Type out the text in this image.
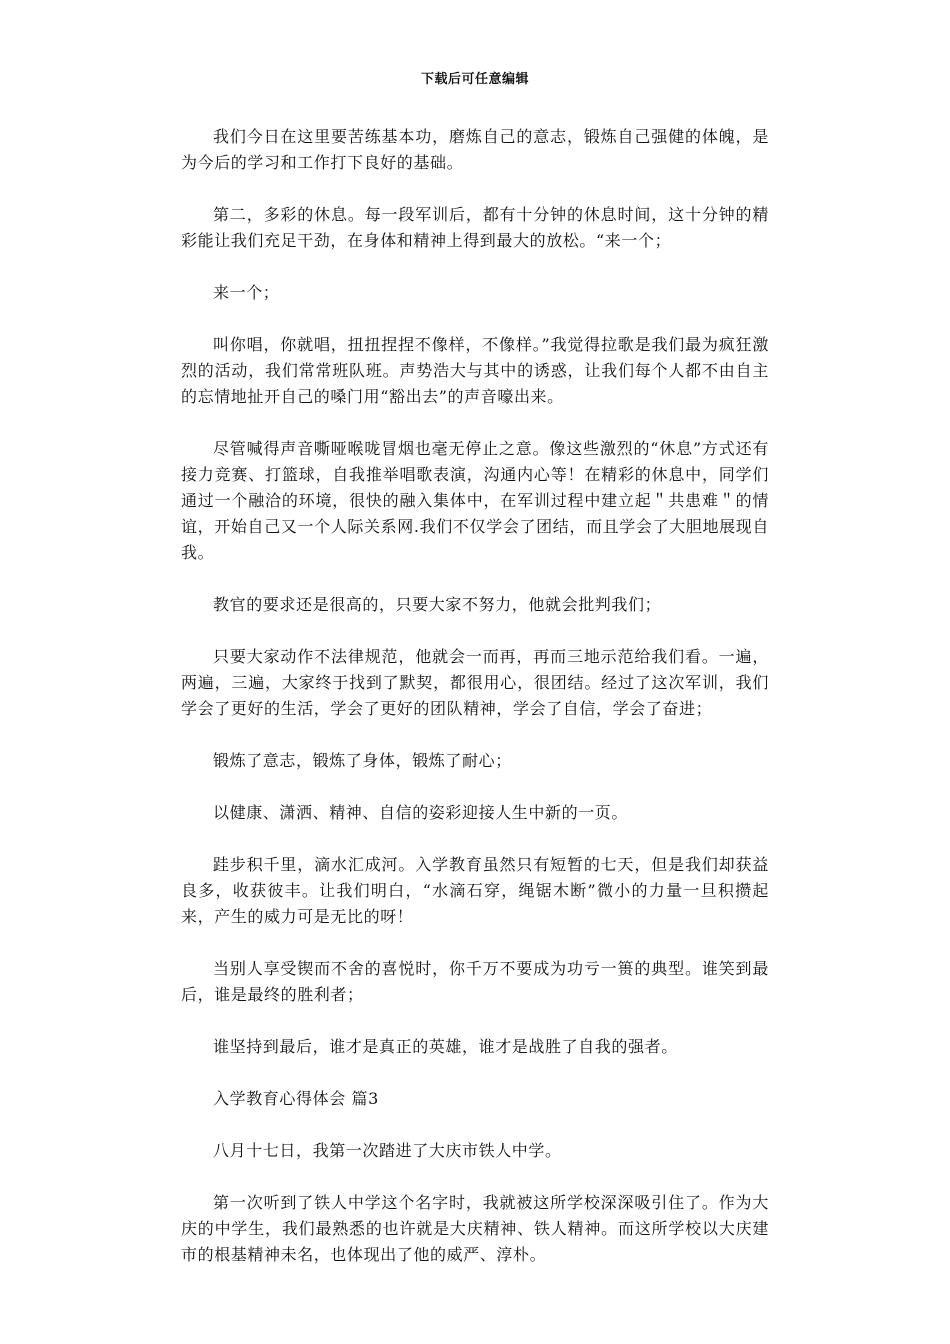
下载后可任意编辑

我们今日在这里要苦练基本功，磨炼自己的意志，锻炼自己强健的体魄，是为今后的学习和工作打下良好的基础。

第二，多彩的休息。每一段军训后，都有十分钟的休息时间，这十分钟的精彩能让我们充足干劲，在身体和精神上得到最大的放松。“来一个；

来一个；

叫你唱，你就唱，扭扭捏捏不像样，不像样。”我觉得拉歌是我们最为疯狂激烈的活动，我们常常班队班。声势浩大与其中的诱惑，让我们每个人都不由自主的忘情地扯开自己的嗓门用“豁出去”的声音嚎出来。

尽管喊得声音嘶哑喉咙冒烟也毫无停止之意。像这些激烈的“休息”方式还有接力竞赛、打篮球，自我推举唱歌表演，沟通内心等！在精彩的休息中，同学们通过一个融洽的环境，很快的融入集体中，在军训过程中建立起＂共患难＂的情谊，开始自己又一个人际关系网.我们不仅学会了团结，而且学会了大胆地展现自我。

教官的要求还是很高的，只要大家不努力，他就会批判我们；

只要大家动作不法律规范，他就会一而再，再而三地示范给我们看。一遍，两遍，三遍，大家终于找到了默契，都很用心，很团结。经过了这次军训，我们学会了更好的生活，学会了更好的团队精神，学会了自信，学会了奋进；

锻炼了意志，锻炼了身体，锻炼了耐心；

以健康、潇洒、精神、自信的姿彩迎接人生中新的一页。

跬步积千里，滴水汇成河。入学教育虽然只有短暂的七天，但是我们却获益良多，收获彼丰。让我们明白，“水滴石穿，绳锯木断”微小的力量一旦积攒起来，产生的威力可是无比的呀！

当别人享受锲而不舍的喜悦时，你千万不要成为功亏一篑的典型。谁笑到最后，谁是最终的胜利者；

谁坚持到最后，谁才是真正的英雄，谁才是战胜了自我的强者。

入学教育心得体会 篇3

八月十七日，我第一次踏进了大庆市铁人中学。

第一次听到了铁人中学这个名字时，我就被这所学校深深吸引住了。作为大庆的中学生，我们最熟悉的也许就是大庆精神、铁人精神。而这所学校以大庆建市的根基精神未名，也体现出了他的威严、淳朴。
